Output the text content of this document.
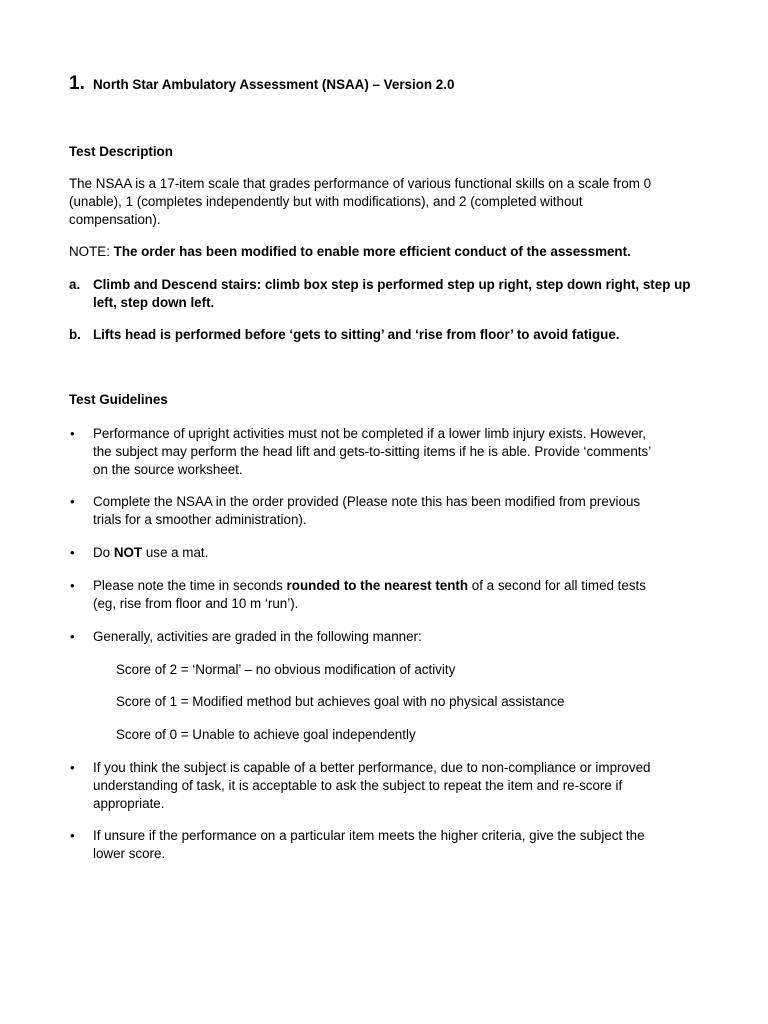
1. North Star Ambulatory Assessment (NSAA) – Version 2.0
Test Description
The NSAA is a 17-item scale that grades performance of various functional skills on a scale from 0
(unable), 1 (completes independently but with modifications), and 2 (completed without
compensation).
NOTE: The order has been modified to enable more efficient conduct of the assessment.
a. Climb and Descend stairs: climb box step is performed step up right, step down right, step up
left, step down left.
b. Lifts head is performed before ‘gets to sitting’ and ‘rise from floor’ to avoid fatigue.
Test Guidelines
• Performance of upright activities must not be completed if a lower limb injury exists. However,
the subject may perform the head lift and gets-to-sitting items if he is able. Provide ‘comments’
on the source worksheet.
• Complete the NSAA in the order provided (Please note this has been modified from previous
trials for a smoother administration).
• Do NOT use a mat.
• Please note the time in seconds rounded to the nearest tenth of a second for all timed tests
(eg, rise from floor and 10 m ‘run’).
• Generally, activities are graded in the following manner:
Score of 2 = ‘Normal’ – no obvious modification of activity
Score of 1 = Modified method but achieves goal with no physical assistance
Score of 0 = Unable to achieve goal independently
• If you think the subject is capable of a better performance, due to non-compliance or improved
understanding of task, it is acceptable to ask the subject to repeat the item and re-score if
appropriate.
• If unsure if the performance on a particular item meets the higher criteria, give the subject the
lower score.
